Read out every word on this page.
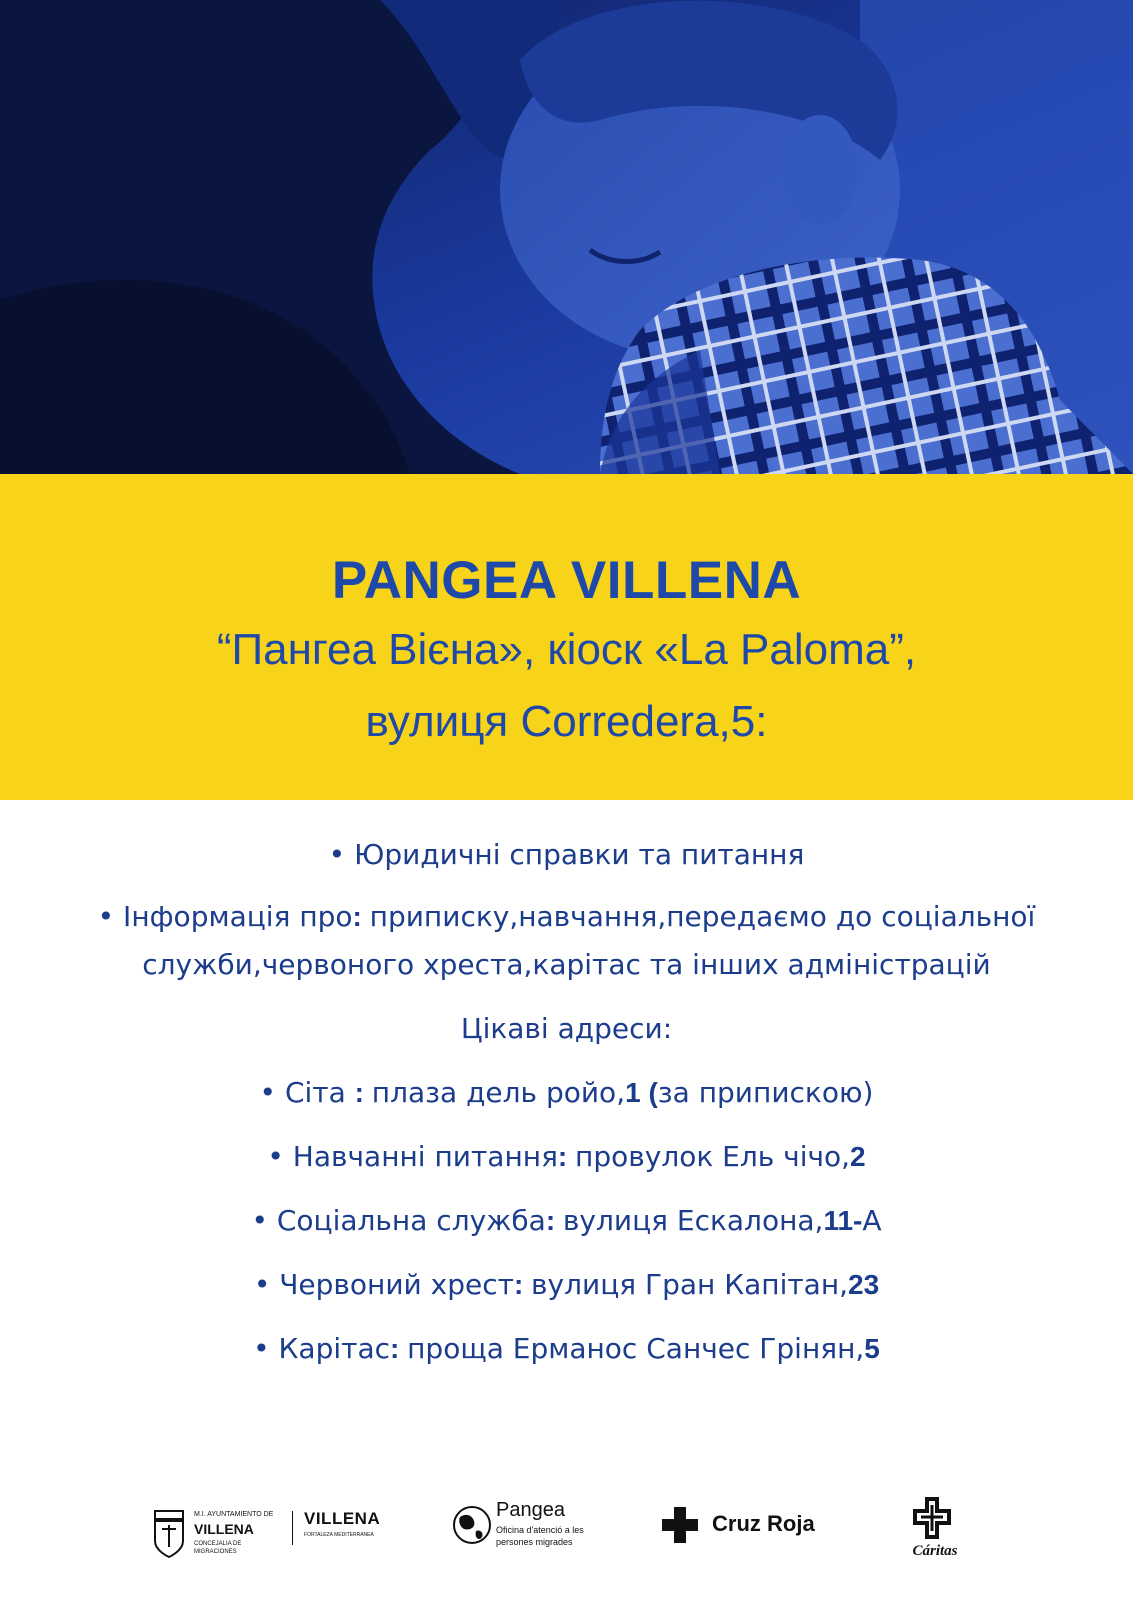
PANGEA VILLENA
“Пангеа Вієна», кіоск «La Paloma”,
вулиця Corredera,5:
• Юридичні справки та питання
• Інформація про: приписку,навчання,передаємо до соціальної
служби,червоного хреста,карітас та інших адміністрацій
Цікаві адреси:
• Сіта : плаза дель ройо,1 (за припискою)
• Навчанні питання: провулок Ель чічо,2
• Соціальна служба: вулиця Ескалона,11-А
• Червоний хрест: вулиця Гран Капітан,23
• Карітас: проща Ерманос Санчес Грінян,5
M.I. AYUNTAMIENTO DE
VILLENA
CONCEJALIA DE
MIGRACIONES
VILLENA
FORTALEZA MEDITERRANEA
Pangea
Oficina d'atenció a les
persones migrades
Cruz Roja
Cáritas
